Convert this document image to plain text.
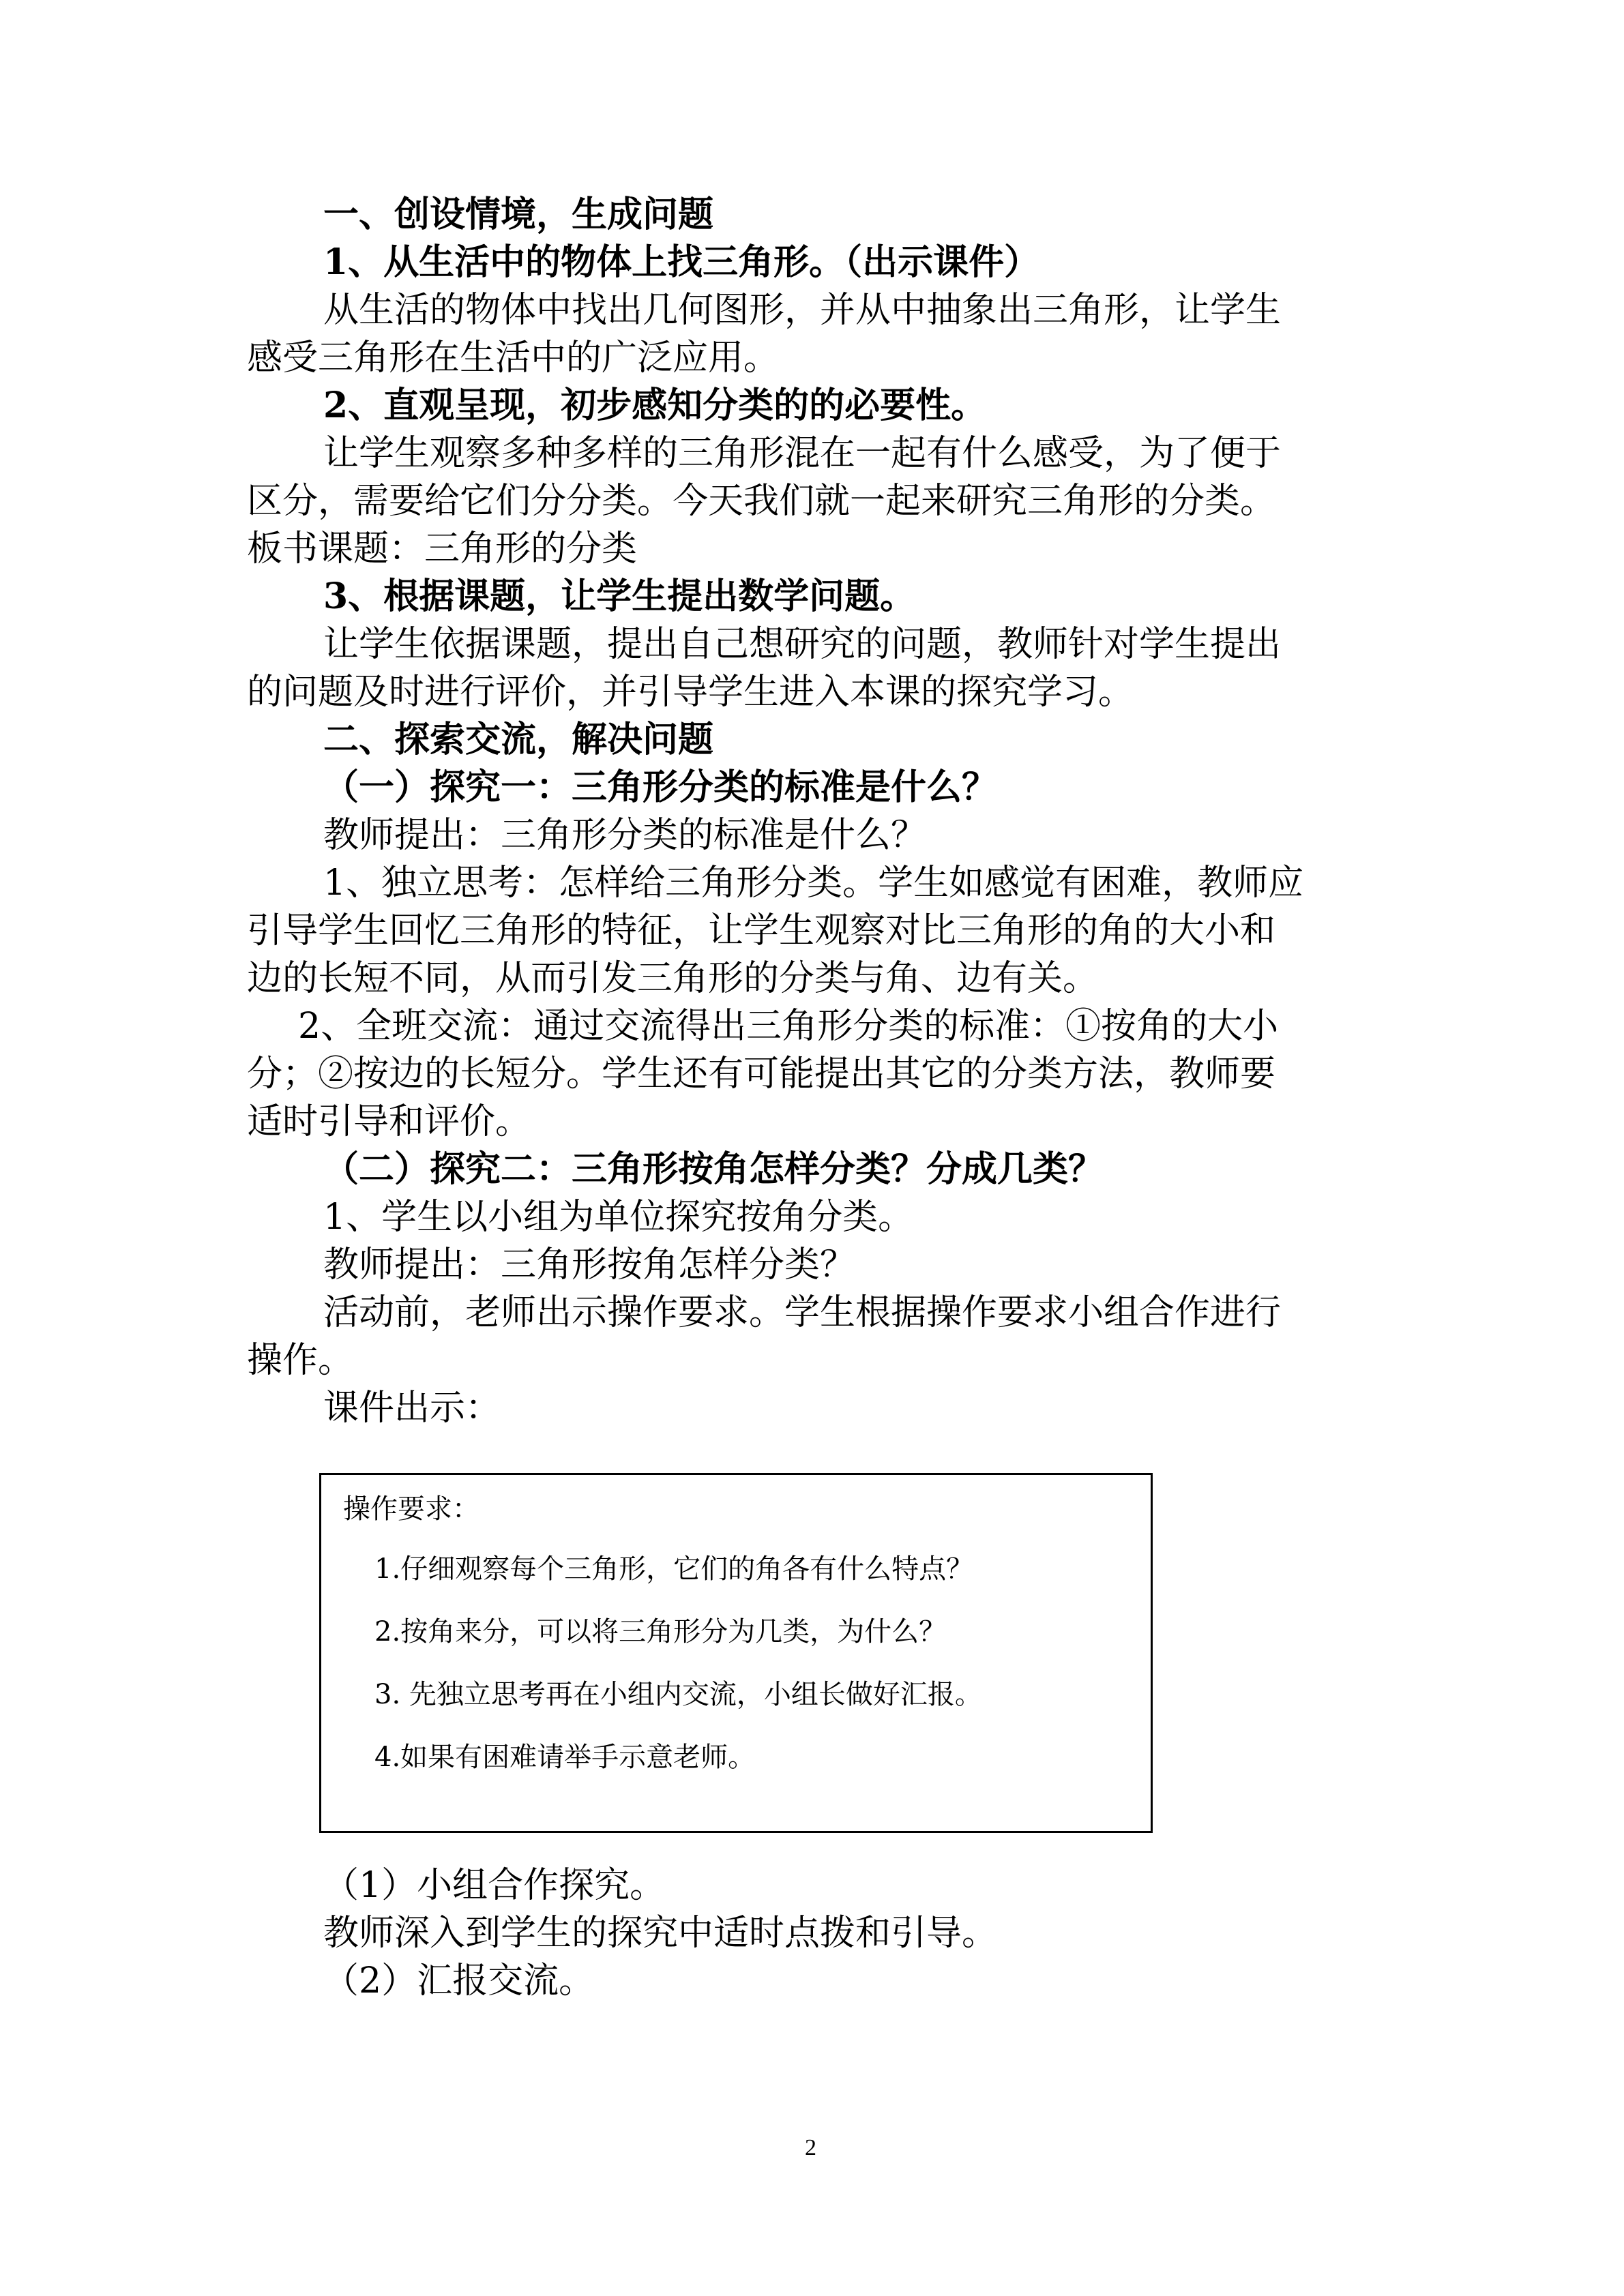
一、创设情境，生成问题
1、从生活中的物体上找三角形。（出示课件）
从生活的物体中找出几何图形，并从中抽象出三角形，让学生
感受三角形在生活中的广泛应用。
2、直观呈现，初步感知分类的的必要性。
让学生观察多种多样的三角形混在一起有什么感受，为了便于
区分，需要给它们分分类。今天我们就一起来研究三角形的分类。
板书课题：三角形的分类
3、根据课题，让学生提出数学问题。
让学生依据课题，提出自己想研究的问题，教师针对学生提出
的问题及时进行评价，并引导学生进入本课的探究学习。
二、探索交流，解决问题
（一）探究一：三角形分类的标准是什么？
教师提出：三角形分类的标准是什么？
1、独立思考：怎样给三角形分类。学生如感觉有困难，教师应
引导学生回忆三角形的特征，让学生观察对比三角形的角的大小和
边的长短不同，从而引发三角形的分类与角、边有关。
2、全班交流：通过交流得出三角形分类的标准：①按角的大小
分；②按边的长短分。学生还有可能提出其它的分类方法，教师要
适时引导和评价。
（二）探究二：三角形按角怎样分类？分成几类？
1、学生以小组为单位探究按角分类。
教师提出：三角形按角怎样分类？
活动前，老师出示操作要求。学生根据操作要求小组合作进行
操作。
课件出示：
操作要求：
1.仔细观察每个三角形，它们的角各有什么特点？
2.按角来分，可以将三角形分为几类，为什么？
3. 先独立思考再在小组内交流，小组长做好汇报。
4.如果有困难请举手示意老师。
（1）小组合作探究。
教师深入到学生的探究中适时点拨和引导。
（2）汇报交流。
2
